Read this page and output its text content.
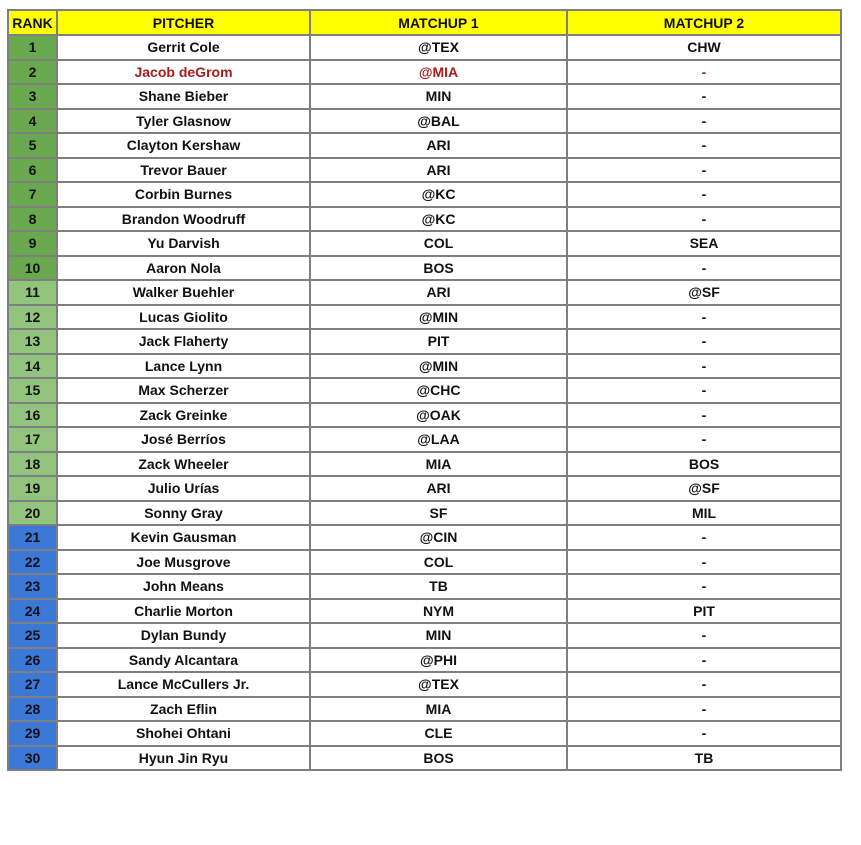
RANK	PITCHER	MATCHUP 1	MATCHUP 2
1	Gerrit Cole	@TEX	CHW
2	Jacob deGrom	@MIA	-
3	Shane Bieber	MIN	-
4	Tyler Glasnow	@BAL	-
5	Clayton Kershaw	ARI	-
6	Trevor Bauer	ARI	-
7	Corbin Burnes	@KC	-
8	Brandon Woodruff	@KC	-
9	Yu Darvish	COL	SEA
10	Aaron Nola	BOS	-
11	Walker Buehler	ARI	@SF
12	Lucas Giolito	@MIN	-
13	Jack Flaherty	PIT	-
14	Lance Lynn	@MIN	-
15	Max Scherzer	@CHC	-
16	Zack Greinke	@OAK	-
17	José Berríos	@LAA	-
18	Zack Wheeler	MIA	BOS
19	Julio Urías	ARI	@SF
20	Sonny Gray	SF	MIL
21	Kevin Gausman	@CIN	-
22	Joe Musgrove	COL	-
23	John Means	TB	-
24	Charlie Morton	NYM	PIT
25	Dylan Bundy	MIN	-
26	Sandy Alcantara	@PHI	-
27	Lance McCullers Jr.	@TEX	-
28	Zach Eflin	MIA	-
29	Shohei Ohtani	CLE	-
30	Hyun Jin Ryu	BOS	TB
